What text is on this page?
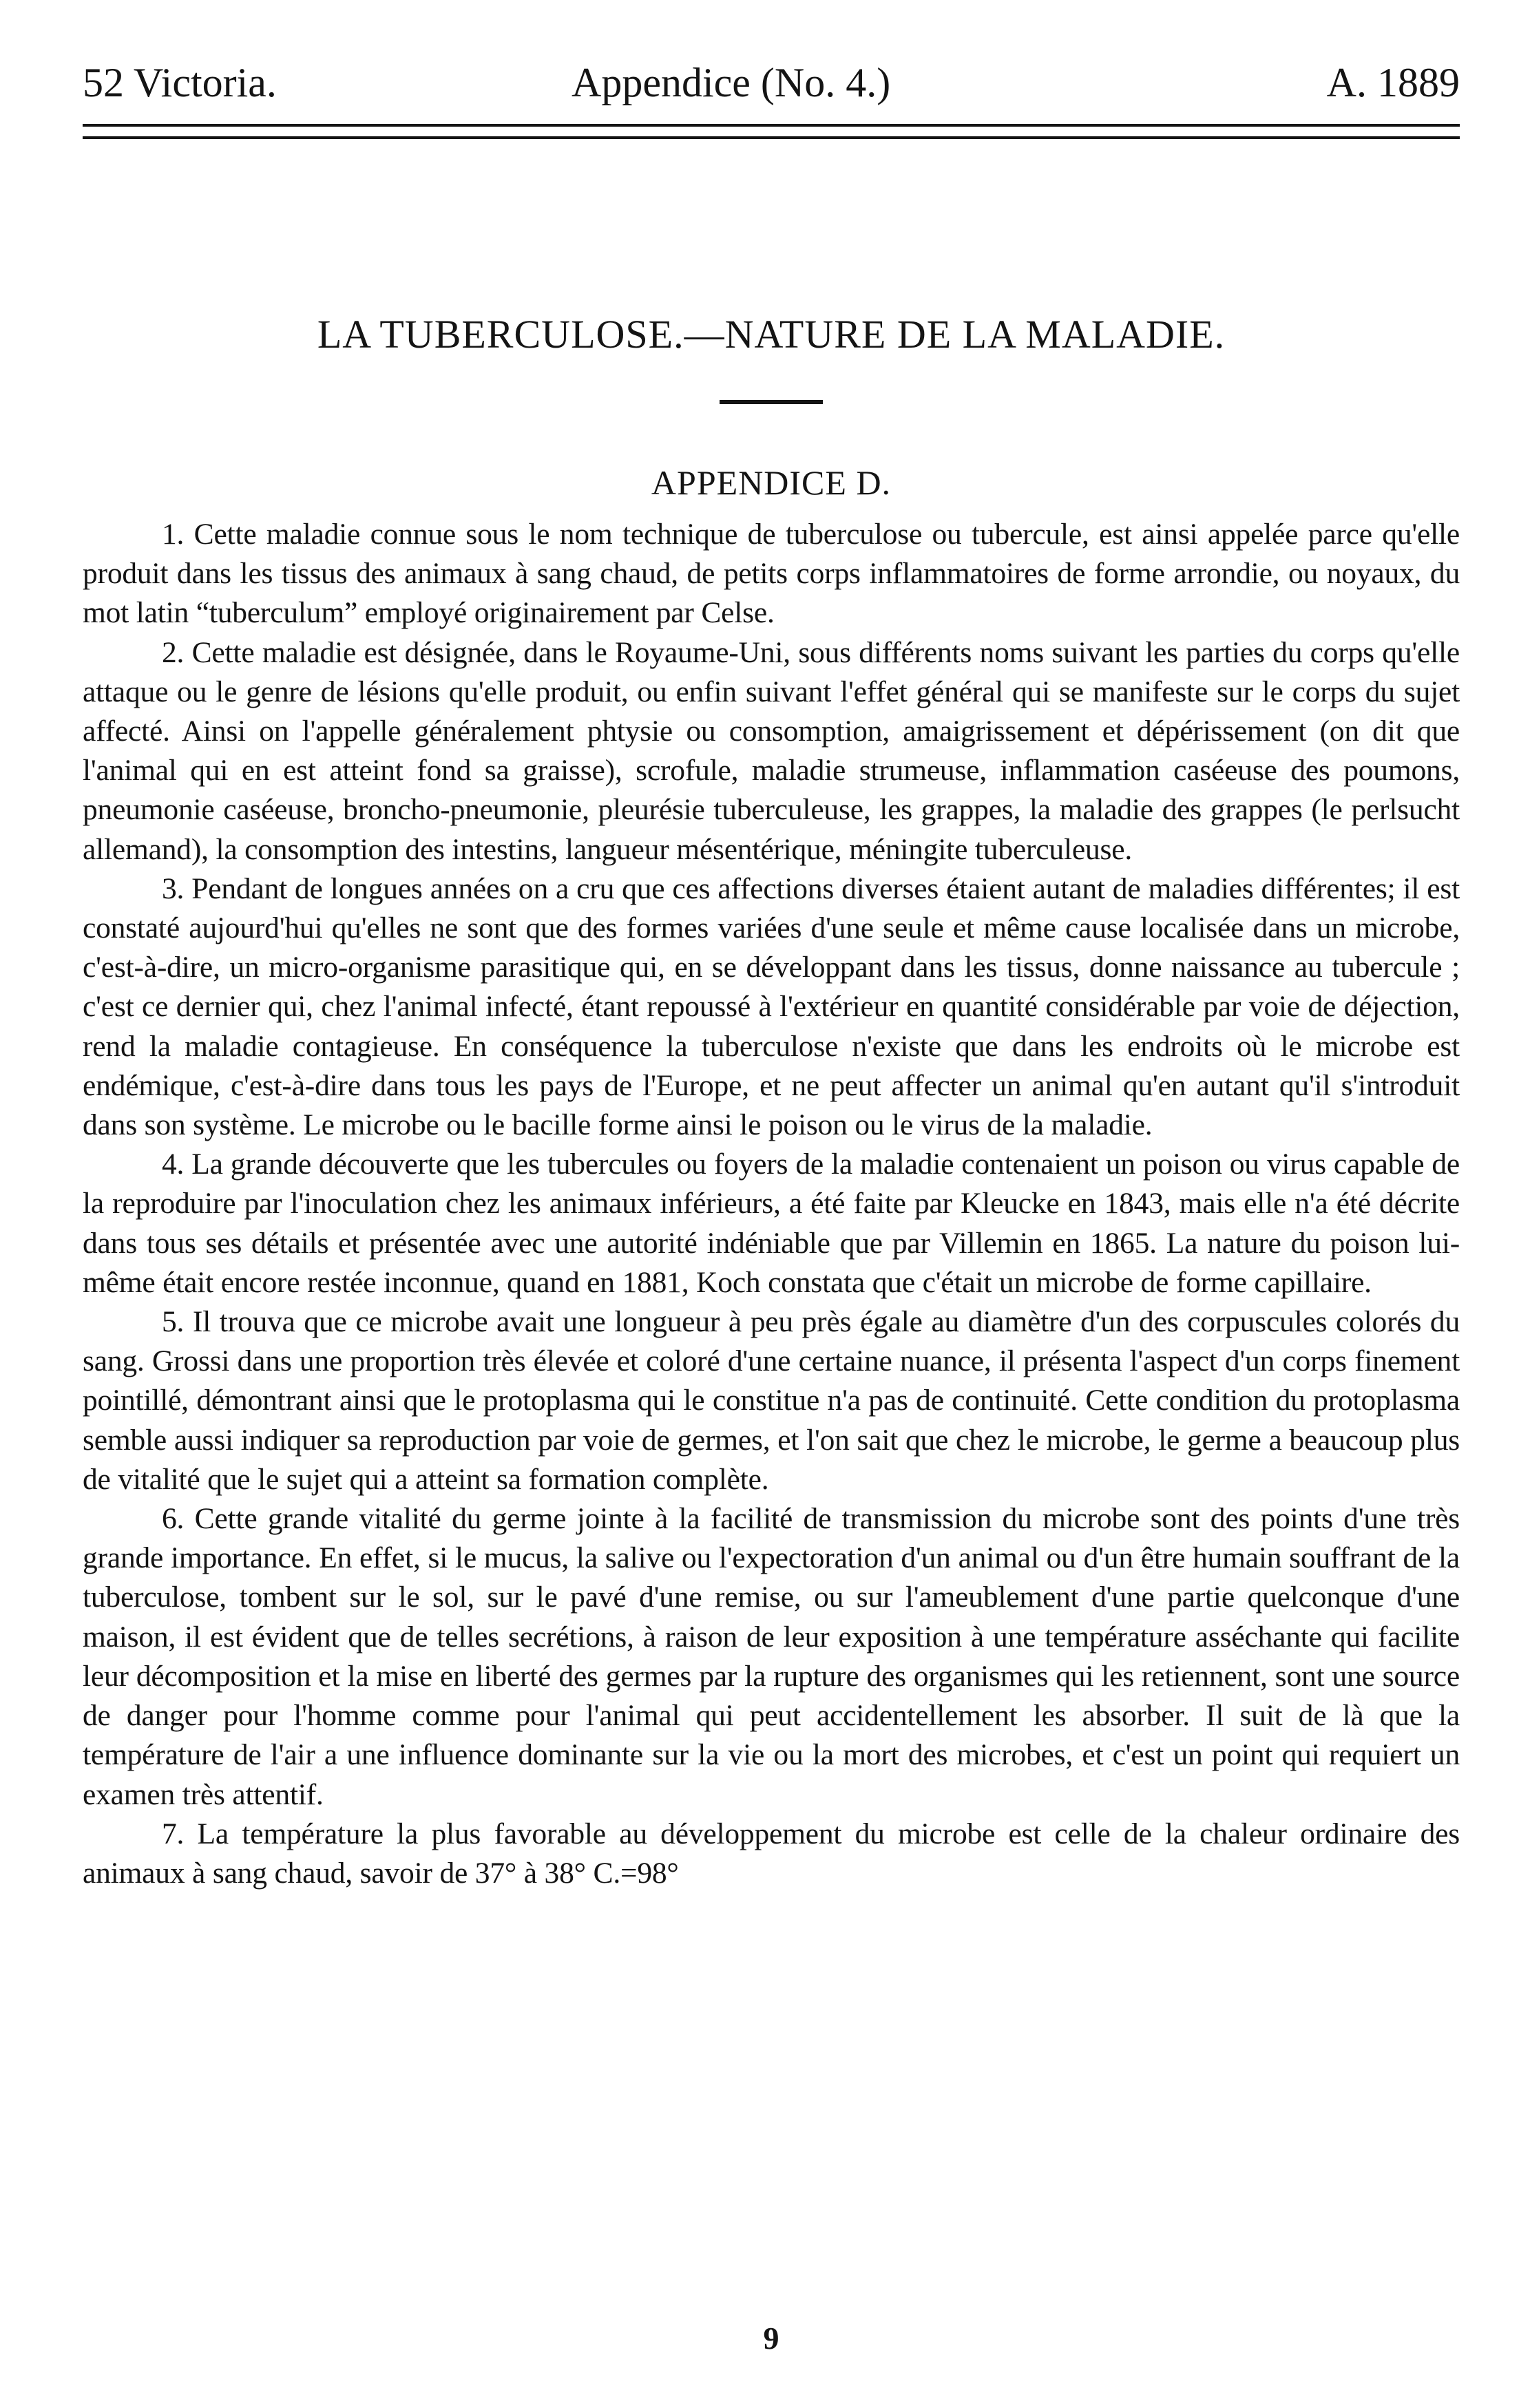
52 Victoria.	Appendice (No. 4.)	A. 1889
LA TUBERCULOSE.—NATURE DE LA MALADIE.
APPENDICE D.

1. Cette maladie connue sous le nom technique de tuberculose ou tubercule, est ainsi appelée parce qu'elle produit dans les tissus des animaux à sang chaud, de petits corps inflammatoires de forme arrondie, ou noyaux, du mot latin “tuberculum” employé originairement par Celse.

2. Cette maladie est désignée, dans le Royaume-Uni, sous différents noms suivant les parties du corps qu'elle attaque ou le genre de lésions qu'elle produit, ou enfin suivant l'effet général qui se manifeste sur le corps du sujet affecté. Ainsi on l'appelle généralement phtysie ou consomption, amaigrissement et dépérissement (on dit que l'animal qui en est atteint fond sa graisse), scrofule, maladie strumeuse, inflammation caséeuse des poumons, pneumonie caséeuse, broncho-pneumonie, pleurésie tuberculeuse, les grappes, la maladie des grappes (le perlsucht allemand), la consomption des intestins, langueur mésentérique, méningite tuberculeuse.

3. Pendant de longues années on a cru que ces affections diverses étaient autant de maladies différentes; il est constaté aujourd'hui qu'elles ne sont que des formes variées d'une seule et même cause localisée dans un microbe, c'est-à-dire, un micro-organisme parasitique qui, en se développant dans les tissus, donne naissance au tubercule ; c'est ce dernier qui, chez l'animal infecté, étant repoussé à l'extérieur en quantité considérable par voie de déjection, rend la maladie contagieuse. En conséquence la tuberculose n'existe que dans les endroits où le microbe est endémique, c'est-à-dire dans tous les pays de l'Europe, et ne peut affecter un animal qu'en autant qu'il s'introduit dans son système. Le microbe ou le bacille forme ainsi le poison ou le virus de la maladie.

4. La grande découverte que les tubercules ou foyers de la maladie contenaient un poison ou virus capable de la reproduire par l'inoculation chez les animaux inférieurs, a été faite par Kleucke en 1843, mais elle n'a été décrite dans tous ses détails et présentée avec une autorité indéniable que par Villemin en 1865. La nature du poison lui-même était encore restée inconnue, quand en 1881, Koch constata que c'était un microbe de forme capillaire.

5. Il trouva que ce microbe avait une longueur à peu près égale au diamètre d'un des corpuscules colorés du sang. Grossi dans une proportion très élevée et coloré d'une certaine nuance, il présenta l'aspect d'un corps finement pointillé, démontrant ainsi que le protoplasma qui le constitue n'a pas de continuité. Cette condition du protoplasma semble aussi indiquer sa reproduction par voie de germes, et l'on sait que chez le microbe, le germe a beaucoup plus de vitalité que le sujet qui a atteint sa formation complète.

6. Cette grande vitalité du germe jointe à la facilité de transmission du microbe sont des points d'une très grande importance. En effet, si le mucus, la salive ou l'expectoration d'un animal ou d'un être humain souffrant de la tuberculose, tombent sur le sol, sur le pavé d'une remise, ou sur l'ameublement d'une partie quelconque d'une maison, il est évident que de telles secrétions, à raison de leur exposition à une température asséchante qui facilite leur décomposition et la mise en liberté des germes par la rupture des organismes qui les retiennent, sont une source de danger pour l'homme comme pour l'animal qui peut accidentellement les absorber. Il suit de là que la température de l'air a une influence dominante sur la vie ou la mort des microbes, et c'est un point qui requiert un examen très attentif.

7. La température la plus favorable au développement du microbe est celle de la chaleur ordinaire des animaux à sang chaud, savoir de 37° à 38° C.=98°

9
